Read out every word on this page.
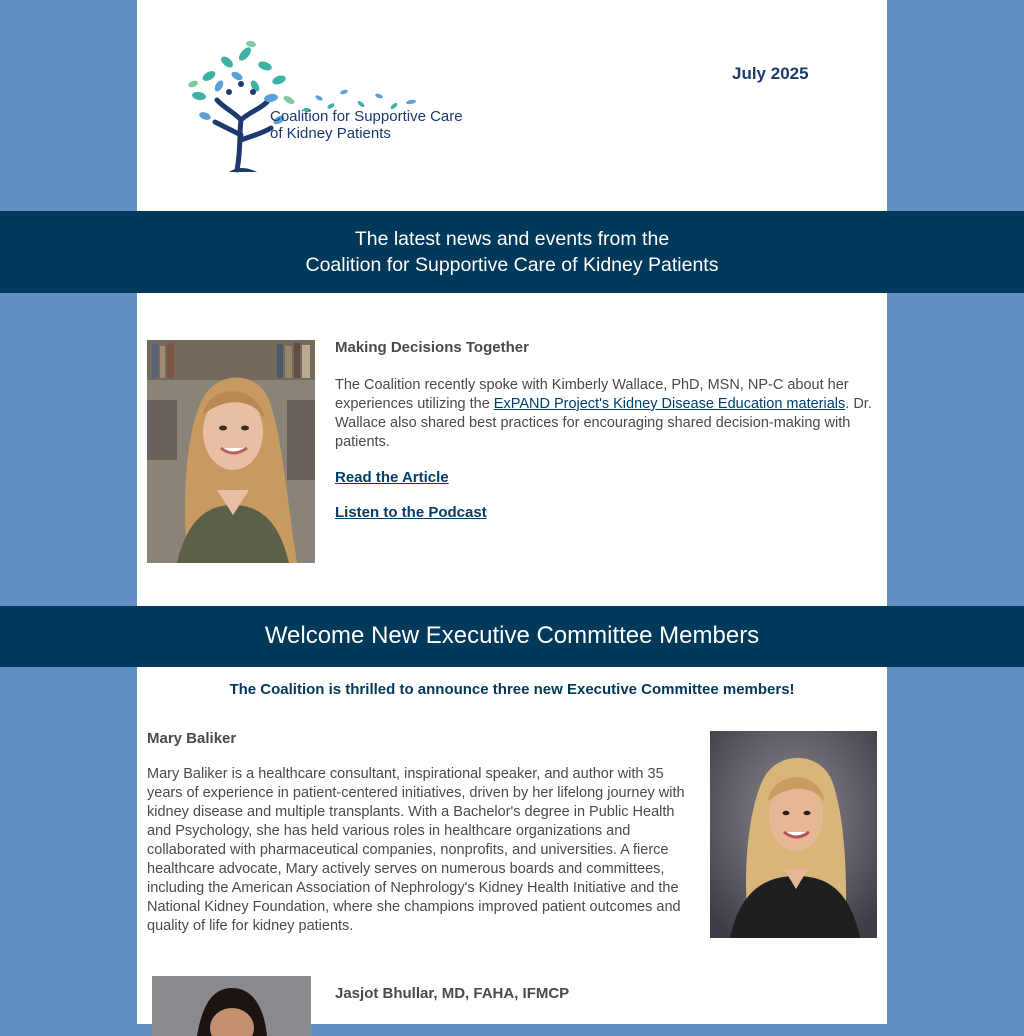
Coalition for Supportive Care
of Kidney Patients
July 2025
The latest news and events from the
Coalition for Supportive Care of Kidney Patients
Making Decisions Together
The Coalition recently spoke with Kimberly Wallace, PhD, MSN, NP-C about her experiences utilizing the ExPAND Project's Kidney Disease Education materials. Dr. Wallace also shared best practices for encouraging shared decision-making with patients.
Read the Article
Listen to the Podcast
Welcome New Executive Committee Members
The Coalition is thrilled to announce three new Executive Committee members!
Mary Baliker
Mary Baliker is a healthcare consultant, inspirational speaker, and author with 35 years of experience in patient-centered initiatives, driven by her lifelong journey with kidney disease and multiple transplants. With a Bachelor's degree in Public Health and Psychology, she has held various roles in healthcare organizations and collaborated with pharmaceutical companies, nonprofits, and universities. A fierce healthcare advocate, Mary actively serves on numerous boards and committees, including the American Association of Nephrology's Kidney Health Initiative and the National Kidney Foundation, where she champions improved patient outcomes and quality of life for kidney patients.
Jasjot Bhullar, MD, FAHA, IFMCP
